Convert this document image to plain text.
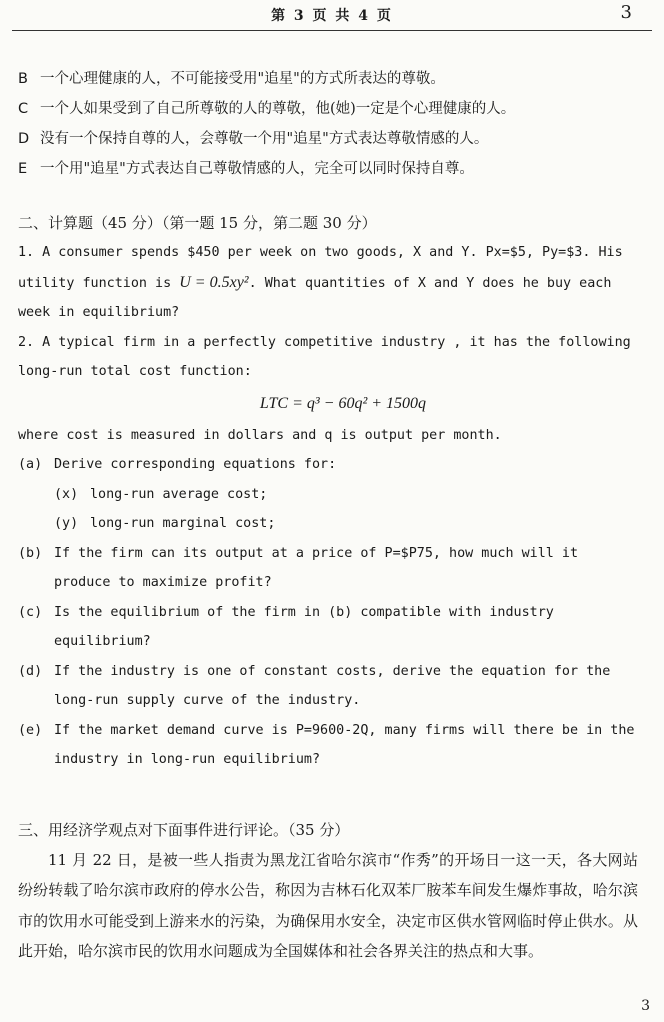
第 3 页 共 4 页	3
B 一个心理健康的人，不可能接受用"追星"的方式所表达的尊敬。
C 一个人如果受到了自己所尊敬的人的尊敬，他(她)一定是个心理健康的人。
D 没有一个保持自尊的人，会尊敬一个用"追星"方式表达尊敬情感的人。
E 一个用"追星"方式表达自己尊敬情感的人，完全可以同时保持自尊。
二、计算题（45 分）（第一题 15 分，第二题 30 分）
1. A consumer spends $450 per week on two goods, X and Y. Px=$5, Py=$3. His utility function is U = 0.5xy². What quantities of X and Y does he buy each week in equilibrium?
2. A typical firm in a perfectly competitive industry , it has the following long-run total cost function:
LTC = q³ − 60q² + 1500q
where cost is measured in dollars and q is output per month.
(a) Derive corresponding equations for:
(x) long-run average cost;
(y) long-run marginal cost;
(b) If the firm can its output at a price of P=$P75, how much will it produce to maximize profit?
(c) Is the equilibrium of the firm in (b) compatible with industry equilibrium?
(d) If the industry is one of constant costs, derive the equation for the long-run supply curve of the industry.
(e) If the market demand curve is P=9600-2Q, many firms will there be in the industry in long-run equilibrium?
三、用经济学观点对下面事件进行评论。（35 分）
11 月 22 日，是被一些人指责为黑龙江省哈尔滨市“作秀”的开场日一这一天，各大网站纷纷转载了哈尔滨市政府的停水公告，称因为吉林石化双苯厂胺苯车间发生爆炸事故，哈尔滨市的饮用水可能受到上游来水的污染，为确保用水安全，决定市区供水管网临时停止供水。从此开始，哈尔滨市民的饮用水问题成为全国媒体和社会各界关注的热点和大事。
3
